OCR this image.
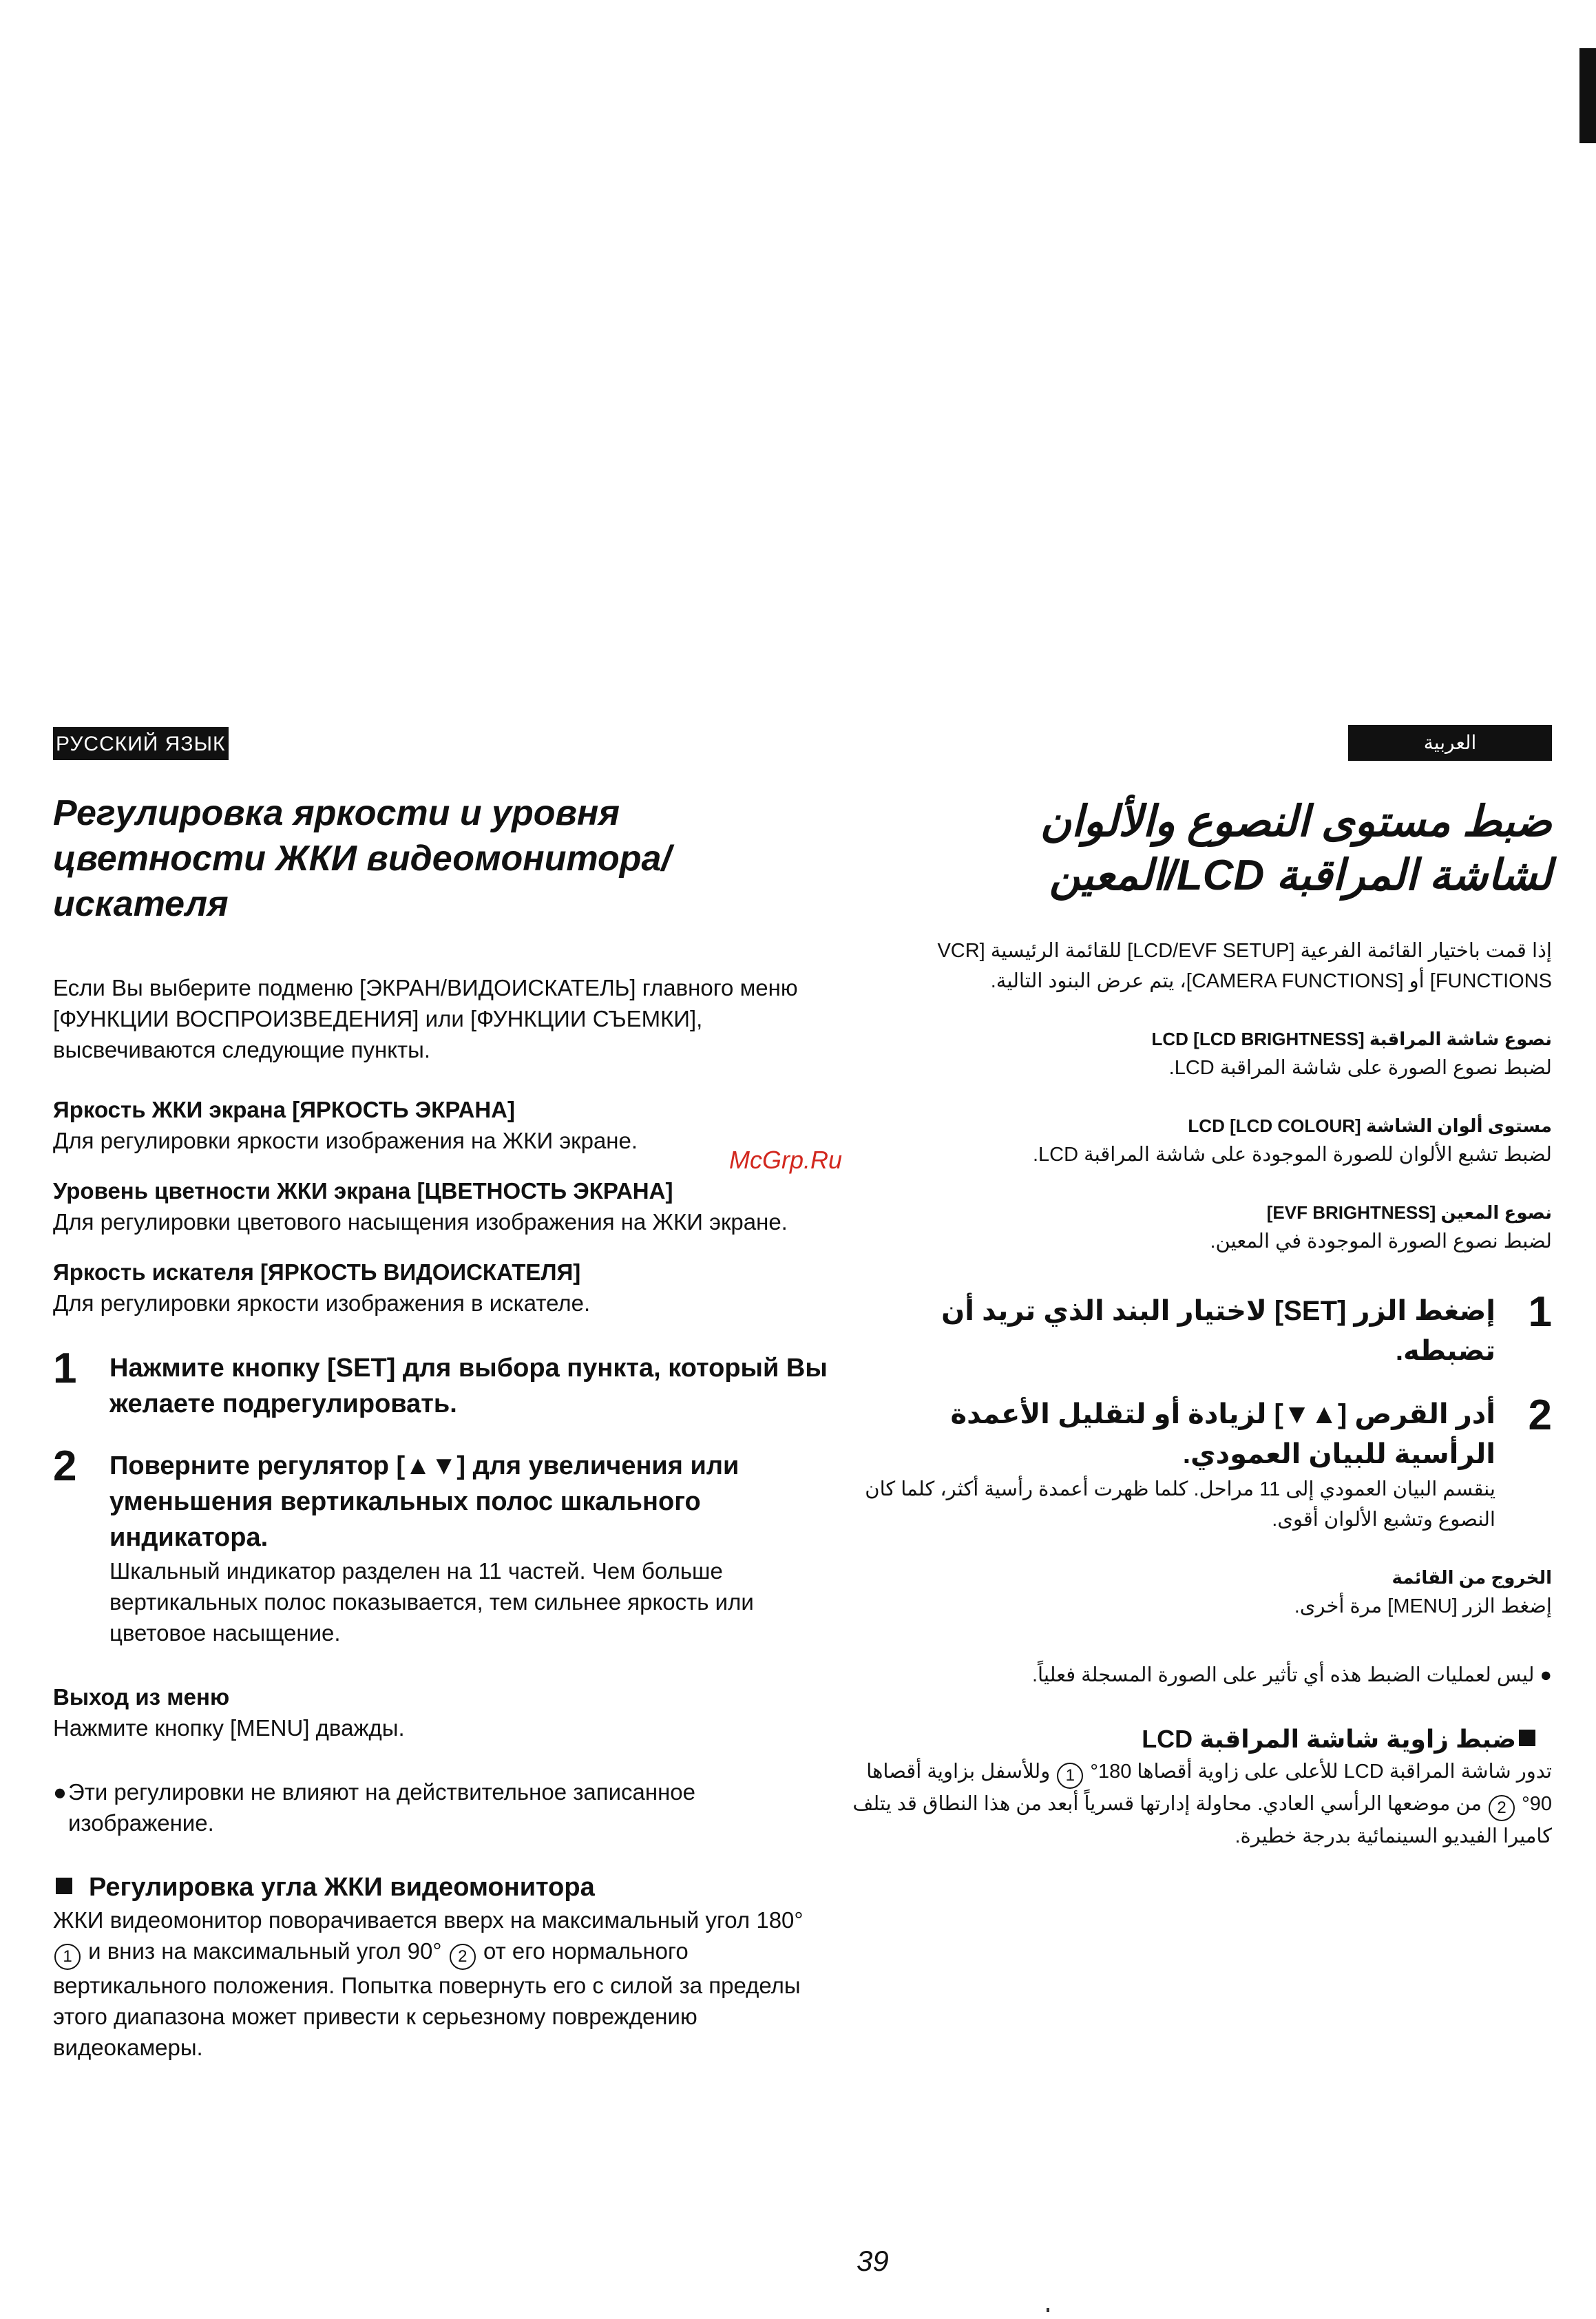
РУССКИЙ ЯЗЫК
Регулировка яркости и уровня цветности ЖКИ видеомонитора/ искателя

Если Вы выберите подменю [ЭКРАН/ВИДОИСКАТЕЛЬ] главного меню [ФУНКЦИИ ВОСПРОИЗВЕДЕНИЯ] или [ФУНКЦИИ СЪЕМКИ], высвечиваются следующие пункты.

Яркость ЖКИ экрана [ЯРКОСТЬ ЭКРАНА]

Для регулировки яркости изображения на ЖКИ экране.

Уровень цветности ЖКИ экрана [ЦВЕТНОСТЬ ЭКРАНА]

Для регулировки цветового насыщения изображения на ЖКИ экране.

Яркость искателя [ЯРКОСТЬ ВИДОИСКАТЕЛЯ]

Для регулировки яркости изображения в искателе.

1 Нажмите кнопку [SET] для выбора пункта, который Вы желаете подрегулировать.
2 Поверните регулятор [▲▼] для увеличения или уменьшения вертикальных полос шкального индикатора.

Шкальный индикатор разделен на 11 частей. Чем больше вертикальных полос показывается, тем сильнее яркость или цветовое насыщение.

Выход из меню

Нажмите кнопку [MENU] дважды.

● Эти регулировки не влияют на действительное записанное изображение.

Регулировка угла ЖКИ видеомонитора

ЖКИ видеомонитор поворачивается вверх на максимальный угол 180° 1 и вниз на максимальный угол 90° 2 от его нормального вертикального положения. Попытка повернуть его с силой за пределы этого диапазона может привести к серьезному повреждению видеокамеры.

العربية
ضبط مستوى النصوع والألوان
لشاشة المراقبة LCD/المعين

إذا قمت باختيار القائمة الفرعية [LCD/EVF SETUP] للقائمة الرئيسية [VCR FUNCTIONS] أو [CAMERA FUNCTIONS]، يتم عرض البنود التالية.

نصوع شاشة المراقبة LCD [LCD BRIGHTNESS]

لضبط نصوع الصورة على شاشة المراقبة LCD.

مستوى ألوان الشاشة LCD [LCD COLOUR]

لضبط تشبع الألوان للصورة الموجودة على شاشة المراقبة LCD.

نصوع المعين [EVF BRIGHTNESS]

لضبط نصوع الصورة الموجودة في المعين.

1
إضغط الزر [SET] لاختيار البند الذي تريد أن تضبطه.
2
أدر القرص [▲▼] لزيادة أو لتقليل الأعمدة الرأسية للبيان العمودي.

ينقسم البيان العمودي إلى 11 مراحل. كلما ظهرت أعمدة رأسية أكثر، كلما كان النصوع وتشبع الألوان أقوى.

الخروج من القائمة

إضغط الزر [MENU] مرة أخرى.

● ليس لعمليات الضبط هذه أي تأثير على الصورة المسجلة فعلياً.

ضبط زاوية شاشة المراقبة LCD

تدور شاشة المراقبة LCD للأعلى على زاوية أقصاها 180° 1 وللأسفل بزاوية أقصاها 90° 2 من موضعها الرأسي العادي. محاولة إدارتها قسرياً أبعد من هذا النطاق قد يتلف كاميرا الفيديو السينمائية بدرجة خطيرة.

McGrp.Ru
39
